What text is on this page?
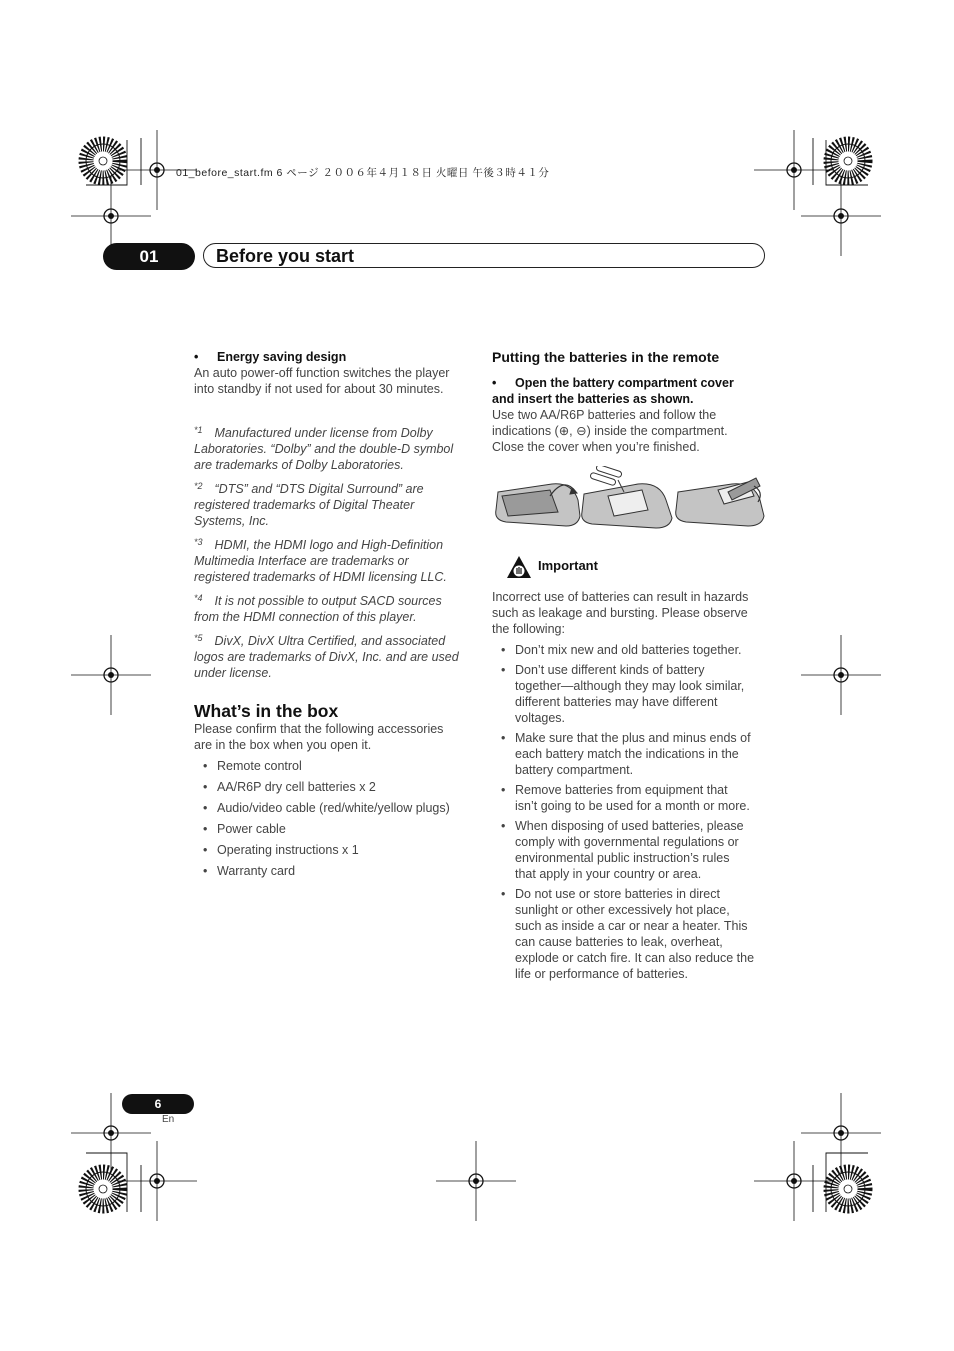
01_before_start.fm 6 ページ ２００６年４月１８日 火曜日 午後３時４１分
01	Before you start
• Energy saving design
An auto power-off function switches the player
into standby if not used for about 30 minutes.
$^{*1}$ Manufactured under license from Dolby
Laboratories. “Dolby” and the double-D symbol
are trademarks of Dolby Laboratories.
$^{*2}$ “DTS” and “DTS Digital Surround” are
registered trademarks of Digital Theater
Systems, Inc.
$^{*3}$ HDMI, the HDMI logo and High-Definition
Multimedia Interface are trademarks or
registered trademarks of HDMI licensing LLC.
$^{*4}$ It is not possible to output SACD sources
from the HDMI connection of this player.
$^{*5}$ DivX, DivX Ultra Certified, and associated
logos are trademarks of DivX, Inc. and are used
under license.
What’s in the box
Please confirm that the following accessories
are in the box when you open it.
• Remote control
• AA/R6P dry cell batteries x 2
• Audio/video cable (red/white/yellow plugs)
• Power cable
• Operating instructions x 1
• Warranty card
Putting the batteries in the remote
• Open the battery compartment cover
and insert the batteries as shown.
Use two AA/R6P batteries and follow the
indications (⊕, ⊖) inside the compartment.
Close the cover when you’re finished.
Important
Incorrect use of batteries can result in hazards
such as leakage and bursting. Please observe
the following:
• Don’t mix new and old batteries together.
• Don’t use different kinds of battery
together—although they may look similar,
different batteries may have different
voltages.
• Make sure that the plus and minus ends of
each battery match the indications in the
battery compartment.
• Remove batteries from equipment that
isn’t going to be used for a month or more.
• When disposing of used batteries, please
comply with governmental regulations or
environmental public instruction’s rules
that apply in your country or area.
• Do not use or store batteries in direct
sunlight or other excessively hot place,
such as inside a car or near a heater. This
can cause batteries to leak, overheat,
explode or catch fire. It can also reduce the
life or performance of batteries.
6
En
